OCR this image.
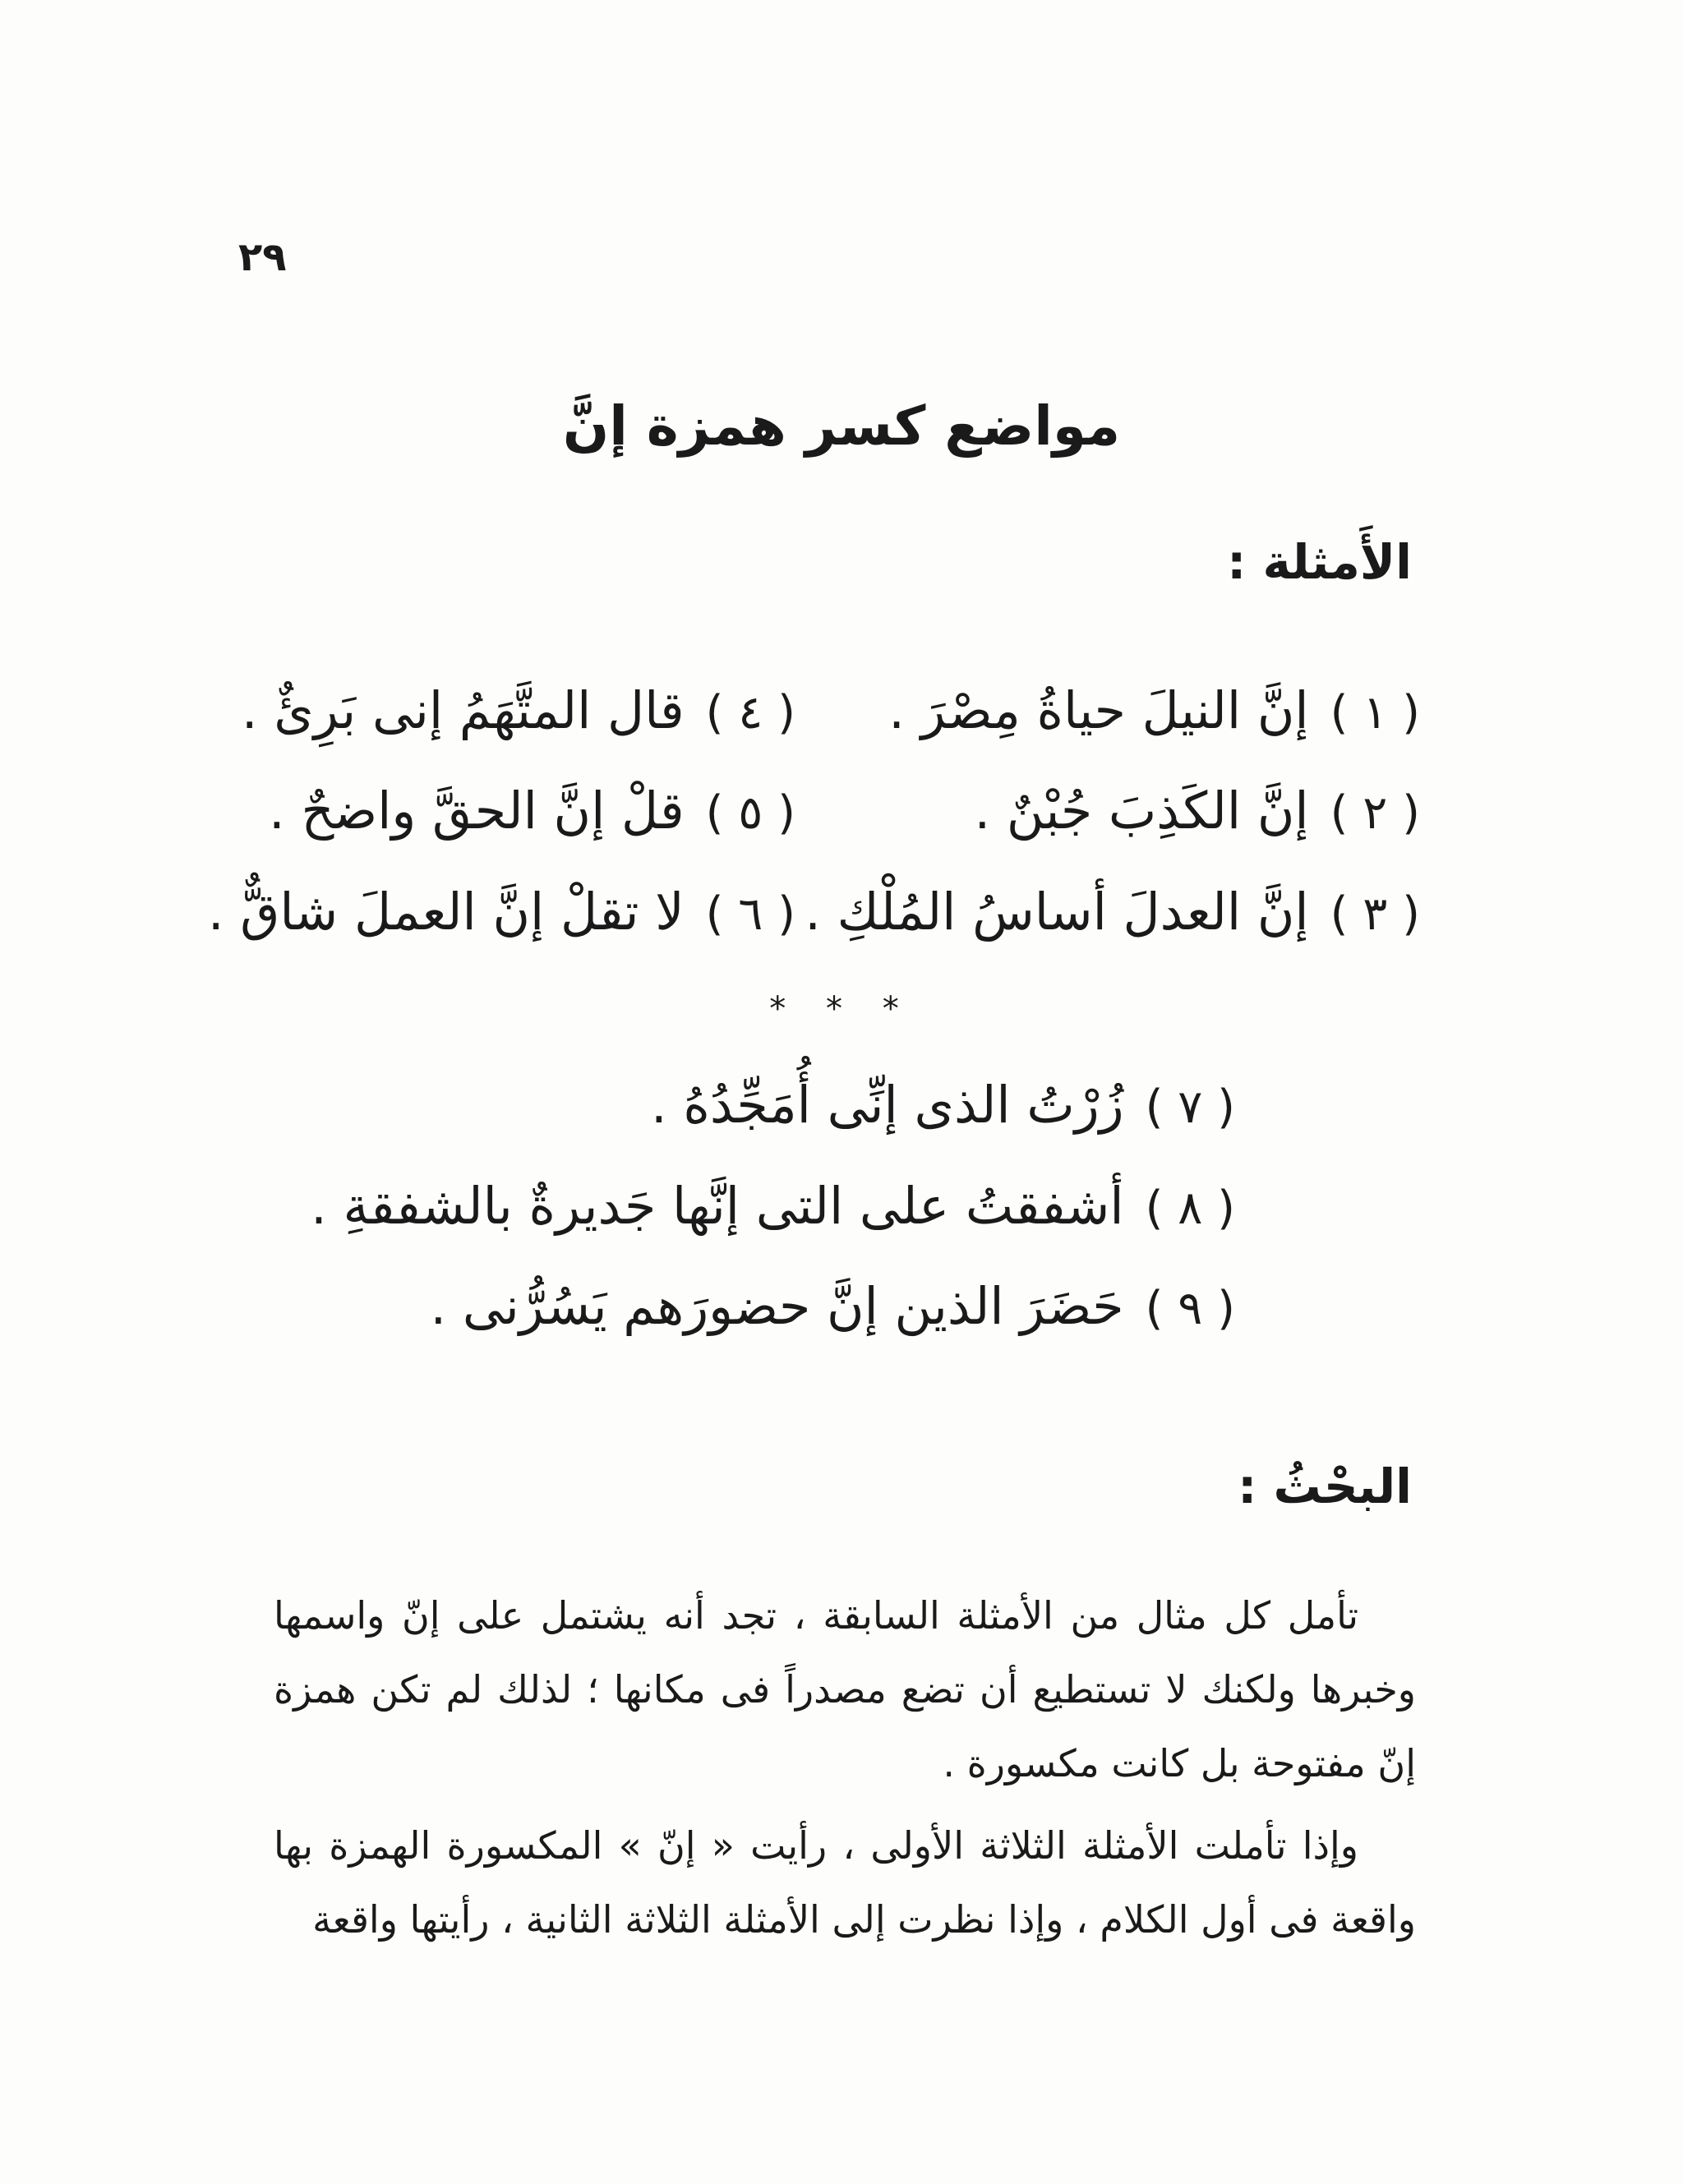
٢٩
مواضع كسر همزة إنَّ
الأَمثلة :
( ١ )
إنَّ النيلَ حياةُ مِصْرَ .
( ٤ )
قال المتَّهَمُ إنى بَرِئٌ .
( ٢ )
إنَّ الكَذِبَ جُبْنٌ .
( ٥ )
قلْ إنَّ الحقَّ واضحٌ .
( ٣ )
إنَّ العدلَ أساسُ المُلْكِ .
( ٦ )
لا تقلْ إنَّ العملَ شاقٌّ .
* * *
( ٧ )
زُرْتُ الذى إنِّى أُمَجِّدُهُ .
( ٨ )
أشفقتُ على التى إنَّها جَديرةٌ بالشفقةِ .
( ٩ )
حَضَرَ الذين إنَّ حضورَهم يَسُرُّنى .
البحْثُ :

تأمل كل مثال من الأمثلة السابقة ، تجد أنه يشتمل على إنّ واسمها وخبرها ولكنك لا تستطيع أن تضع مصدراً فى مكانها ؛ لذلك لم تكن همزة إنّ مفتوحة بل كانت مكسورة .

وإذا تأملت الأمثلة الثلاثة الأولى ، رأيت « إنّ » المكسورة الهمزة بها واقعة فى أول الكلام ، وإذا نظرت إلى الأمثلة الثلاثة الثانية ، رأيتها واقعة
